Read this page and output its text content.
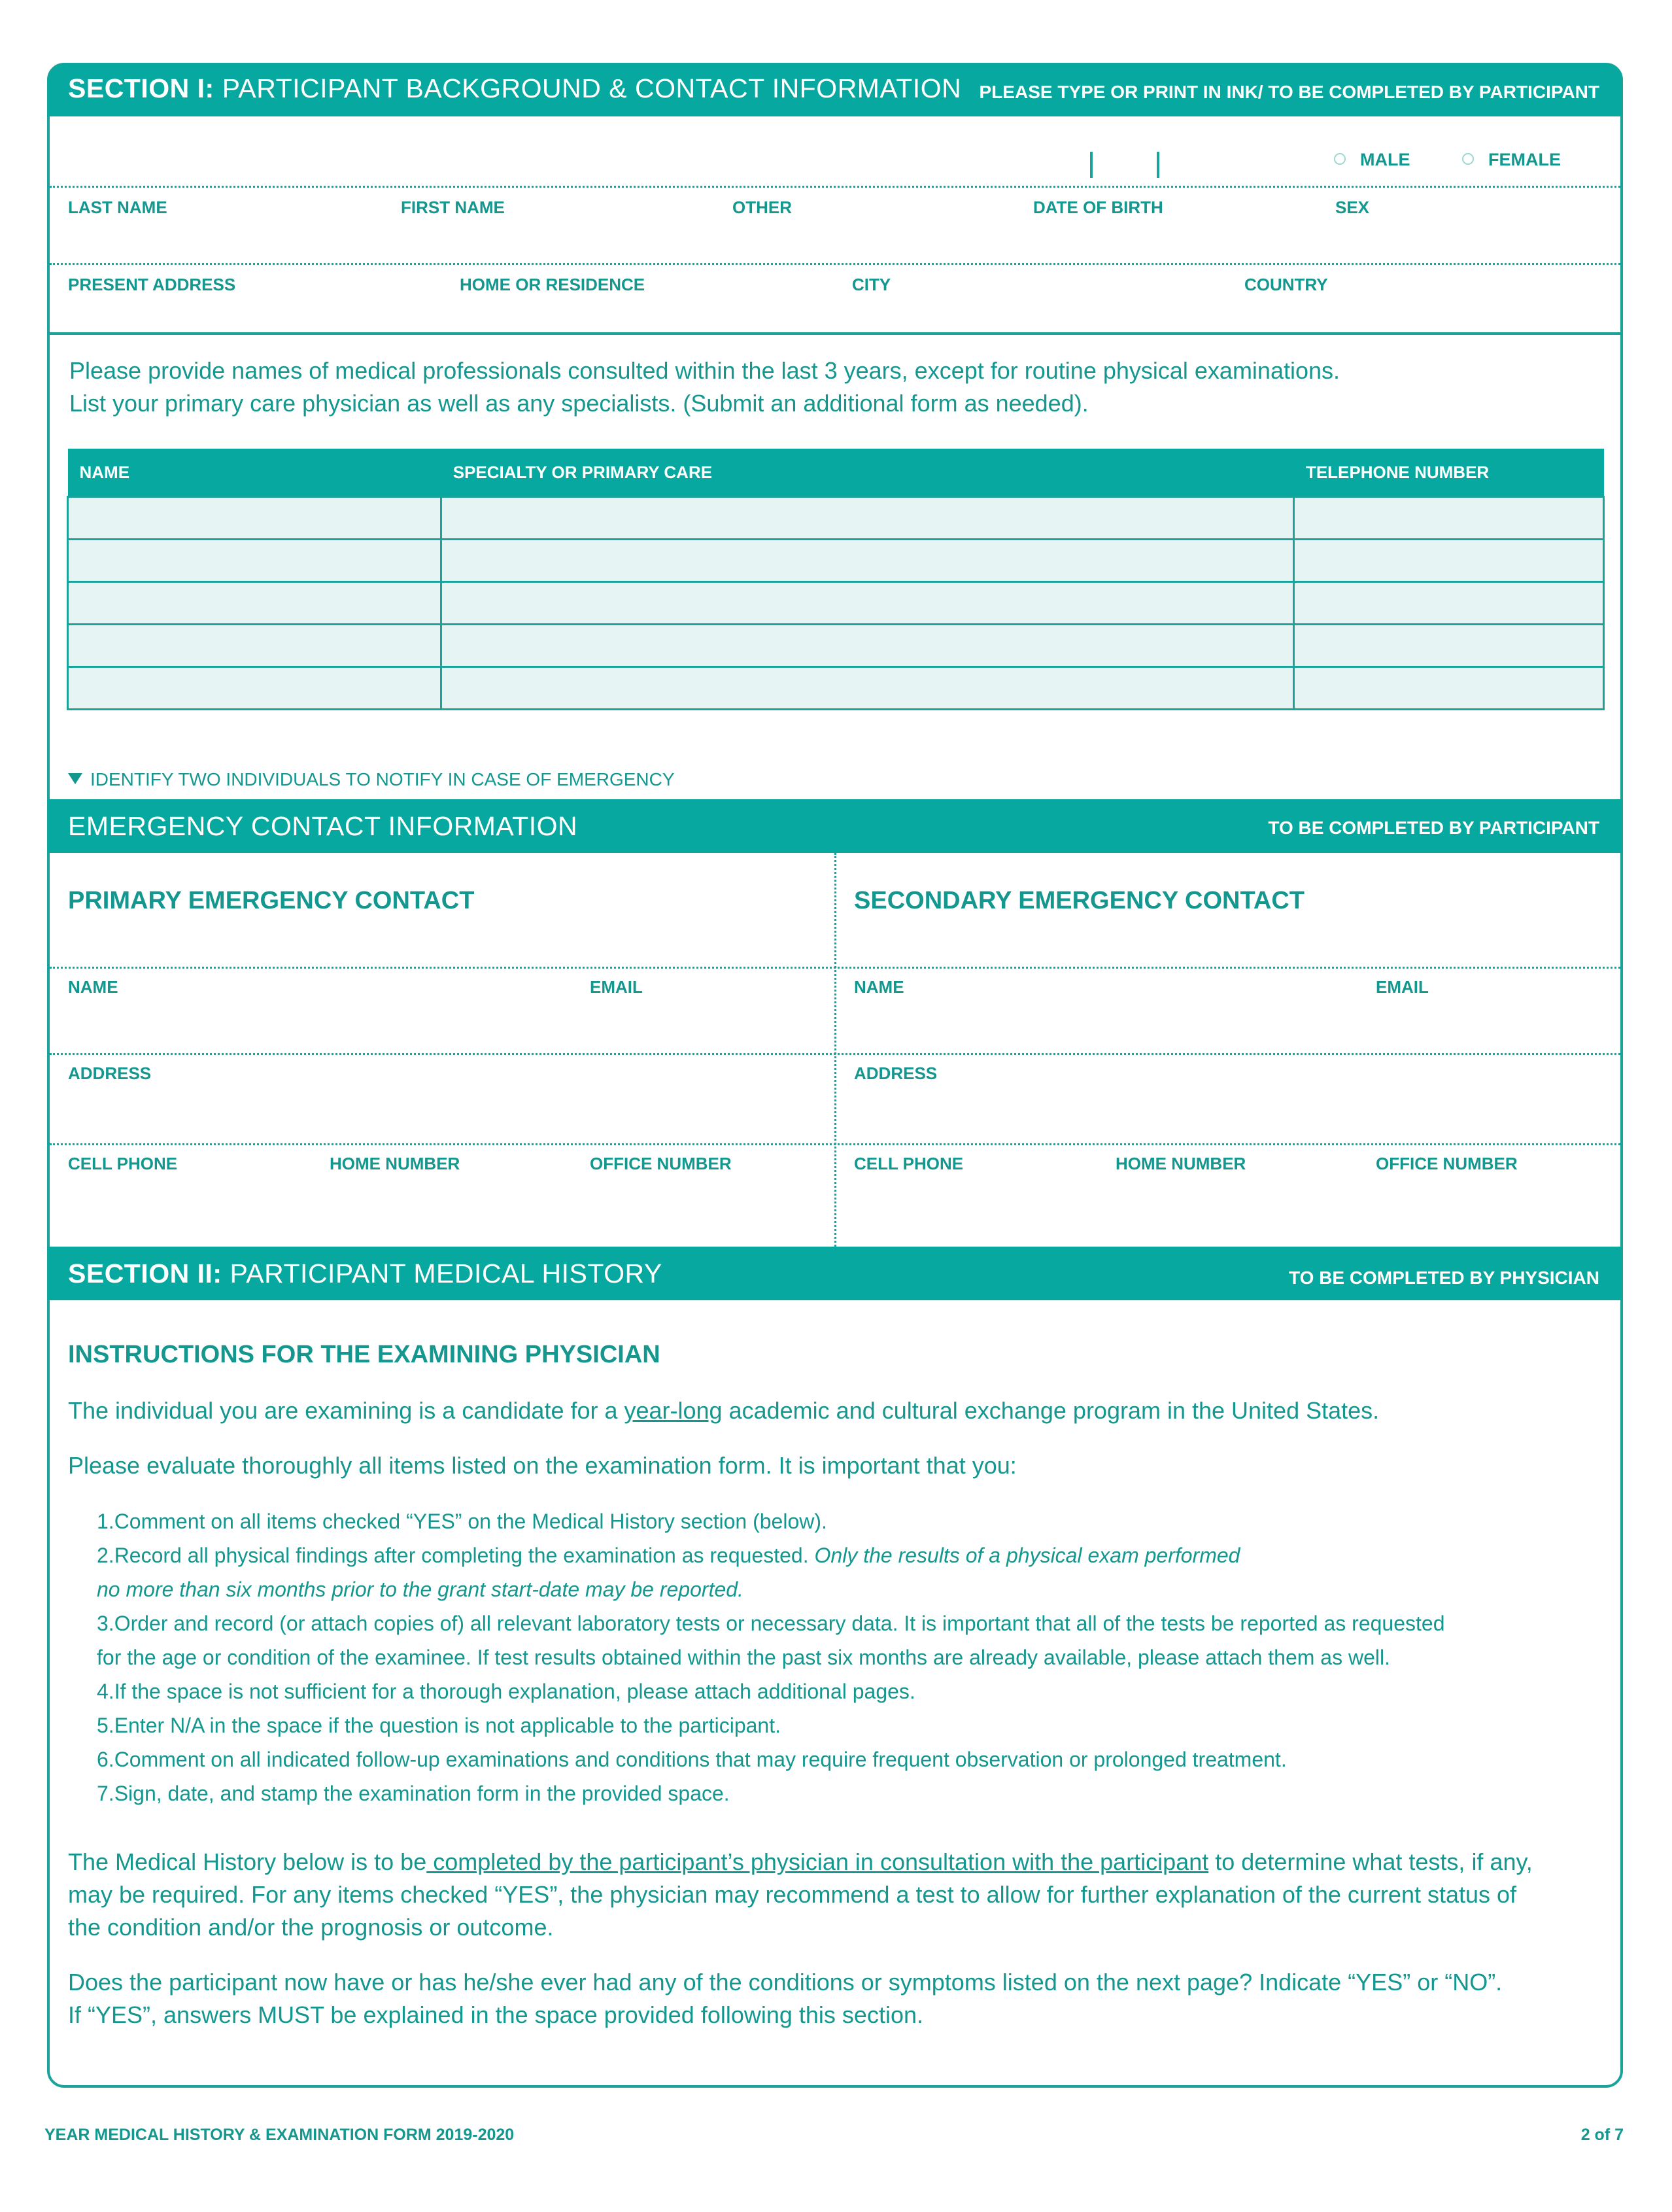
SECTION I: PARTICIPANT BACKGROUND & CONTACT INFORMATION PLEASE TYPE OR PRINT IN INK/ TO BE COMPLETED BY PARTICIPANT
MALE	FEMALE
LAST NAME	FIRST NAME	OTHER	DATE OF BIRTH	SEX
PRESENT ADDRESS	HOME OR RESIDENCE	CITY	COUNTRY
Please provide names of medical professionals consulted within the last 3 years, except for routine physical examinations.
List your primary care physician as well as any specialists. (Submit an additional form as needed).
NAME	SPECIALTY OR PRIMARY CARE	TELEPHONE NUMBER

IDENTIFY TWO INDIVIDUALS TO NOTIFY IN CASE OF EMERGENCY
EMERGENCY CONTACT INFORMATION	TO BE COMPLETED BY PARTICIPANT
PRIMARY EMERGENCY CONTACT	SECONDARY EMERGENCY CONTACT
NAME	EMAIL	NAME	EMAIL
ADDRESS	ADDRESS
CELL PHONE	HOME NUMBER	OFFICE NUMBER	CELL PHONE	HOME NUMBER	OFFICE NUMBER
SECTION II: PARTICIPANT MEDICAL HISTORY	TO BE COMPLETED BY PHYSICIAN
INSTRUCTIONS FOR THE EXAMINING PHYSICIAN
The individual you are examining is a candidate for a year-long academic and cultural exchange program in the United States.
Please evaluate thoroughly all items listed on the examination form. It is important that you:
1.Comment on all items checked “YES” on the Medical History section (below).
2.Record all physical findings after completing the examination as requested. Only the results of a physical exam performed
no more than six months prior to the grant start-date may be reported.
3.Order and record (or attach copies of) all relevant laboratory tests or necessary data. It is important that all of the tests be reported as requested
for the age or condition of the examinee. If test results obtained within the past six months are already available, please attach them as well.
4.If the space is not sufficient for a thorough explanation, please attach additional pages.
5.Enter N/A in the space if the question is not applicable to the participant.
6.Comment on all indicated follow-up examinations and conditions that may require frequent observation or prolonged treatment.
7.Sign, date, and stamp the examination form in the provided space.
The Medical History below is to be completed by the participant’s physician in consultation with the participant to determine what tests, if any,
may be required. For any items checked “YES”, the physician may recommend a test to allow for further explanation of the current status of
the condition and/or the prognosis or outcome.
Does the participant now have or has he/she ever had any of the conditions or symptoms listed on the next page? Indicate “YES” or “NO”.
If “YES”, answers MUST be explained in the space provided following this section.
YEAR MEDICAL HISTORY & EXAMINATION FORM 2019-2020	2 of 7
